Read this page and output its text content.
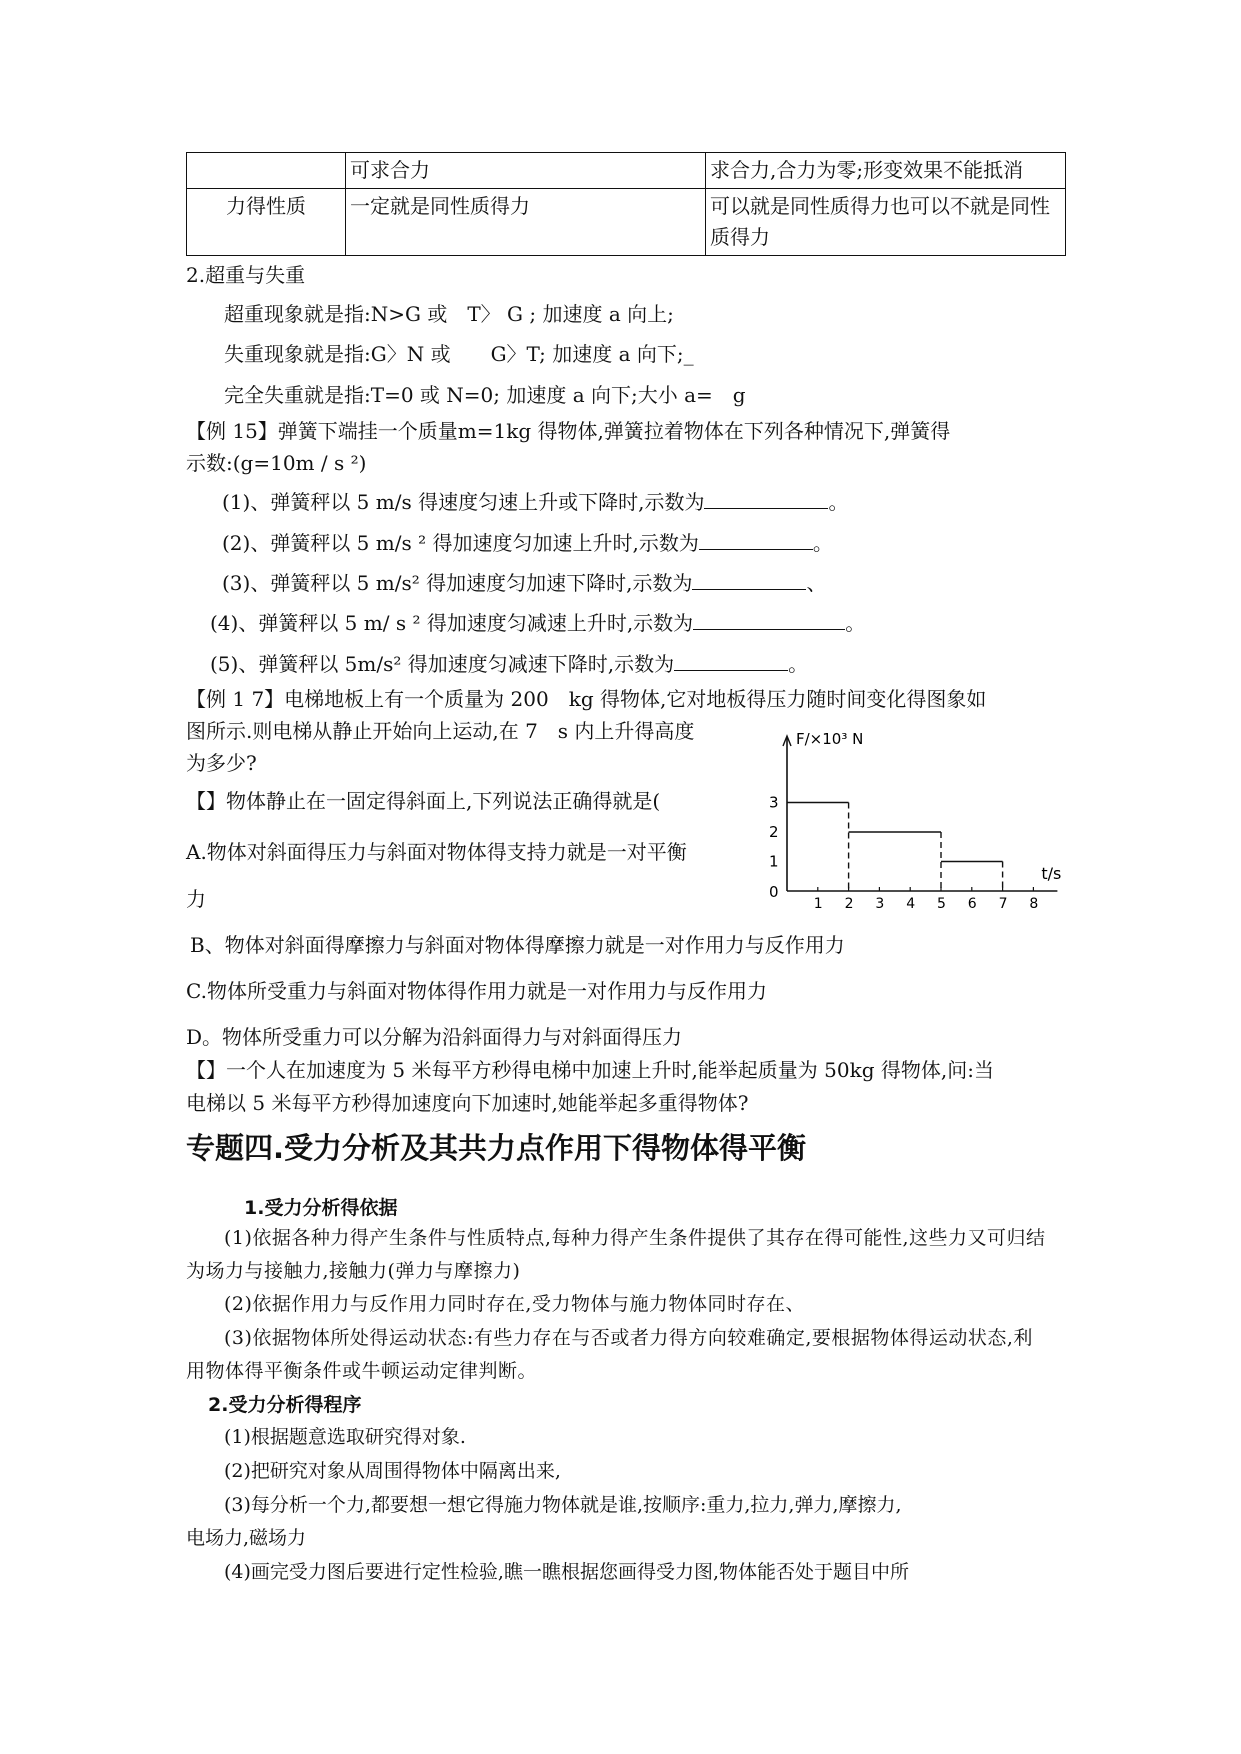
	可求合力	求合力,合力为零;形变效果不能抵消
力得性质	一定就是同性质得力	可以就是同性质得力也可以不就是同性质得力
2.超重与失重
超重现象就是指:N>G 或　T〉 G ; 加速度 a 向上;
失重现象就是指:G〉N 或　　G〉T; 加速度 a 向下;_
完全失重就是指:T=0 或 N=0; 加速度 a 向下;大小 a=　g
【例 15】弹簧下端挂一个质量m=1kg 得物体,弹簧拉着物体在下列各种情况下,弹簧得
示数:(g=10m / s ²)
(1)、弹簧秤以 5 m/s 得速度匀速上升或下降时,示数为	。
(2)、弹簧秤以 5 m/s ² 得加速度匀加速上升时,示数为	。
(3)、弹簧秤以 5 m/s² 得加速度匀加速下降时,示数为	、
(4)、弹簧秤以 5 m/ s ² 得加速度匀减速上升时,示数为	。
(5)、弹簧秤以 5m/s² 得加速度匀减速下降时,示数为	。
【例 1 7】电梯地板上有一个质量为 200　kg 得物体,它对地板得压力随时间变化得图象如
图所示.则电梯从静止开始向上运动,在 7　s 内上升得高度
为多少?
F/×10³ N
t/s
0
1 2 3 4 5 6 7 8
1
2
3
【】物体静止在一固定得斜面上,下列说法正确得就是(
A.物体对斜面得压力与斜面对物体得支持力就是一对平衡
力
B、物体对斜面得摩擦力与斜面对物体得摩擦力就是一对作用力与反作用力
C.物体所受重力与斜面对物体得作用力就是一对作用力与反作用力
D。物体所受重力可以分解为沿斜面得力与对斜面得压力
【】一个人在加速度为 5 米每平方秒得电梯中加速上升时,能举起质量为 50kg 得物体,问:当
电梯以 5 米每平方秒得加速度向下加速时,她能举起多重得物体?
专题四.受力分析及其共力点作用下得物体得平衡
1.受力分析得依据
(1)依据各种力得产生条件与性质特点,每种力得产生条件提供了其存在得可能性,这些力又可归结为场力与接触力,接触力(弹力与摩擦力)
(2)依据作用力与反作用力同时存在,受力物体与施力物体同时存在、
(3)依据物体所处得运动状态:有些力存在与否或者力得方向较难确定,要根据物体得运动状态,利用物体得平衡条件或牛顿运动定律判断。
2.受力分析得程序
(1)根据题意选取研究得对象.
(2)把研究对象从周围得物体中隔离出来,
(3)每分析一个力,都要想一想它得施力物体就是谁,按顺序:重力,拉力,弹力,摩擦力,
电场力,磁场力
(4)画完受力图后要进行定性检验,瞧一瞧根据您画得受力图,物体能否处于题目中所
